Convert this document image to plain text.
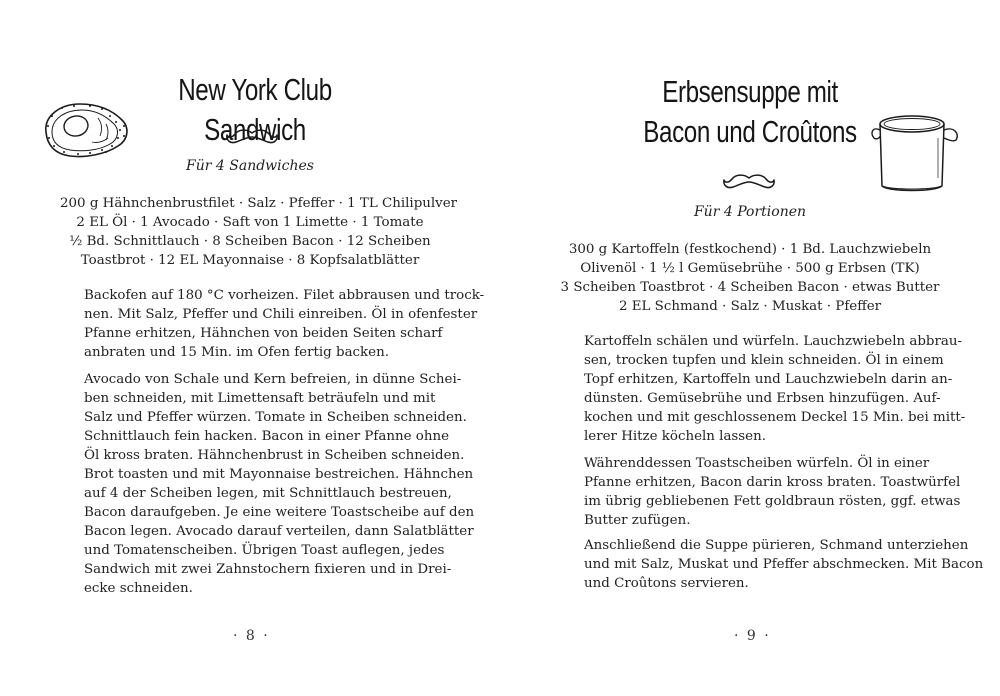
New York Club Sandwich
Für 4 Sandwiches
200 g Hähnchenbrustfilet · Salz · Pfeffer · 1 TL Chilipulver
2 EL Öl · 1 Avocado · Saft von 1 Limette · 1 Tomate
½ Bd. Schnittlauch · 8 Scheiben Bacon · 12 Scheiben
Toastbrot · 12 EL Mayonnaise · 8 Kopfsalatblätter
Backofen auf 180 °C vorheizen. Filet abbrausen und trock-
nen. Mit Salz, Pfeffer und Chili einreiben. Öl in ofenfester
Pfanne erhitzen, Hähnchen von beiden Seiten scharf
anbraten und 15 Min. im Ofen fertig backen.
Avocado von Schale und Kern befreien, in dünne Schei-
ben schneiden, mit Limettensaft beträufeln und mit
Salz und Pfeffer würzen. Tomate in Scheiben schneiden.
Schnittlauch fein hacken. Bacon in einer Pfanne ohne
Öl kross braten. Hähnchenbrust in Scheiben schneiden.
Brot toasten und mit Mayonnaise bestreichen. Hähnchen
auf 4 der Scheiben legen, mit Schnittlauch bestreuen,
Bacon daraufgeben. Je eine weitere Toastscheibe auf den
Bacon legen. Avocado darauf verteilen, dann Salatblätter
und Tomatenscheiben. Übrigen Toast auflegen, jedes
Sandwich mit zwei Zahnstochern fixieren und in Drei-
ecke schneiden.
· 8 ·
Erbsensuppe mit
Bacon und Croûtons
Für 4 Portionen
300 g Kartoffeln (festkochend) · 1 Bd. Lauchzwiebeln
Olivenöl · 1 ½ l Gemüsebrühe · 500 g Erbsen (TK)
3 Scheiben Toastbrot · 4 Scheiben Bacon · etwas Butter
2 EL Schmand · Salz · Muskat · Pfeffer
Kartoffeln schälen und würfeln. Lauchzwiebeln abbrau-
sen, trocken tupfen und klein schneiden. Öl in einem
Topf erhitzen, Kartoffeln und Lauchzwiebeln darin an-
dünsten. Gemüsebrühe und Erbsen hinzufügen. Auf-
kochen und mit geschlossenem Deckel 15 Min. bei mitt-
lerer Hitze köcheln lassen.
Währenddessen Toastscheiben würfeln. Öl in einer
Pfanne erhitzen, Bacon darin kross braten. Toastwürfel
im übrig gebliebenen Fett goldbraun rösten, ggf. etwas
Butter zufügen.
Anschließend die Suppe pürieren, Schmand unterziehen
und mit Salz, Muskat und Pfeffer abschmecken. Mit Bacon
und Croûtons servieren.
· 9 ·
